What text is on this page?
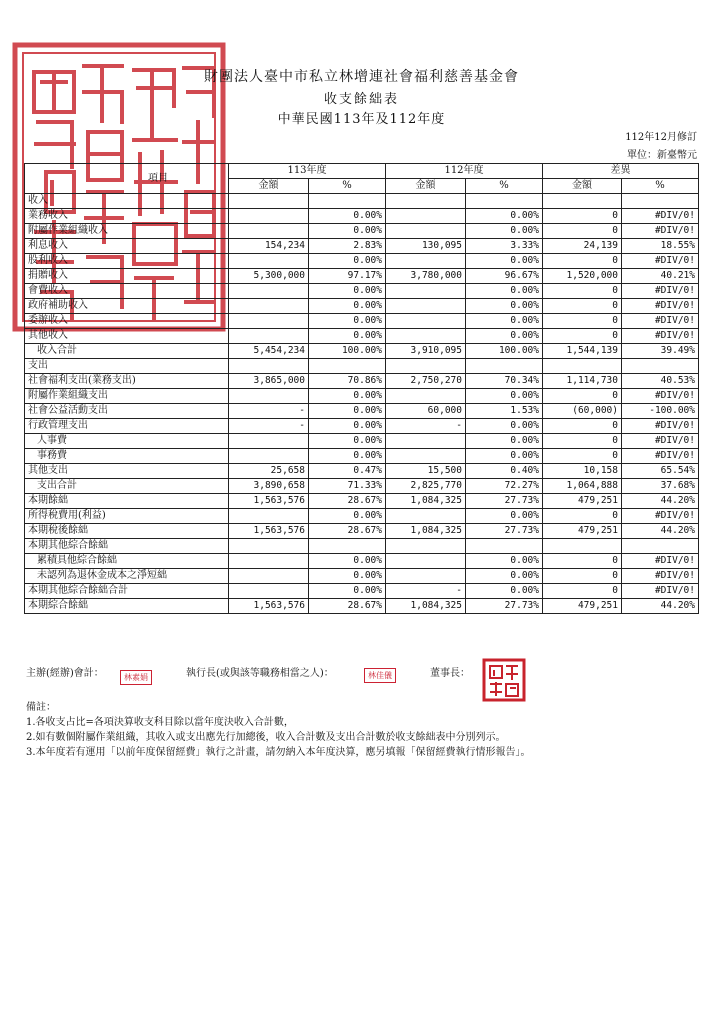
財團法人臺中市私立林增連社會福利慈善基金會
收支餘絀表
中華民國113年及112年度
112年12月修訂
單位：新臺幣元
項目	113年度		112年度		差異	
	金額	%	金額	%	金額	%
收入						
業務收入		0.00%		0.00%	0	#DIV/0!
附屬作業組織收入		0.00%		0.00%	0	#DIV/0!
利息收入	154,234	2.83%	130,095	3.33%	24,139	18.55%
股利收入		0.00%		0.00%	0	#DIV/0!
捐贈收入	5,300,000	97.17%	3,780,000	96.67%	1,520,000	40.21%
會費收入		0.00%		0.00%	0	#DIV/0!
政府補助收入		0.00%		0.00%	0	#DIV/0!
委辦收入		0.00%		0.00%	0	#DIV/0!
其他收入		0.00%		0.00%	0	#DIV/0!
收入合計	5,454,234	100.00%	3,910,095	100.00%	1,544,139	39.49%
支出						
社會福利支出(業務支出)	3,865,000	70.86%	2,750,270	70.34%	1,114,730	40.53%
附屬作業組織支出		0.00%		0.00%	0	#DIV/0!
社會公益活動支出	-	0.00%	60,000	1.53%	(60,000)	-100.00%
行政管理支出	-	0.00%	-	0.00%	0	#DIV/0!
人事費		0.00%		0.00%	0	#DIV/0!
事務費		0.00%		0.00%	0	#DIV/0!
其他支出	25,658	0.47%	15,500	0.40%	10,158	65.54%
支出合計	3,890,658	71.33%	2,825,770	72.27%	1,064,888	37.68%
本期餘絀	1,563,576	28.67%	1,084,325	27.73%	479,251	44.20%
所得稅費用(利益)		0.00%		0.00%	0	#DIV/0!
本期稅後餘絀	1,563,576	28.67%	1,084,325	27.73%	479,251	44.20%
本期其他綜合餘絀						
累積具他綜合餘絀		0.00%		0.00%	0	#DIV/0!
未認列為退休金成本之淨短絀		0.00%		0.00%	0	#DIV/0!
本期其他綜合餘絀合計		0.00%	-	0.00%	0	#DIV/0!
本期綜合餘絀	1,563,576	28.67%	1,084,325	27.73%	479,251	44.20%
主辦(經辦)會計：	林素娟	執行長(或與該等職務相當之人)：	林佳儀	董事長：
備註：
1.各收支占比=各項決算收支科目除以當年度決收入合計數，
2.如有數個附屬作業組織，其收入或支出應先行加總後，收入合計數及支出合計數於收支餘絀表中分別列示。
3.本年度若有運用「以前年度保留經費」執行之計畫，請勿納入本年度決算，應另填報「保留經費執行情形報告」。
